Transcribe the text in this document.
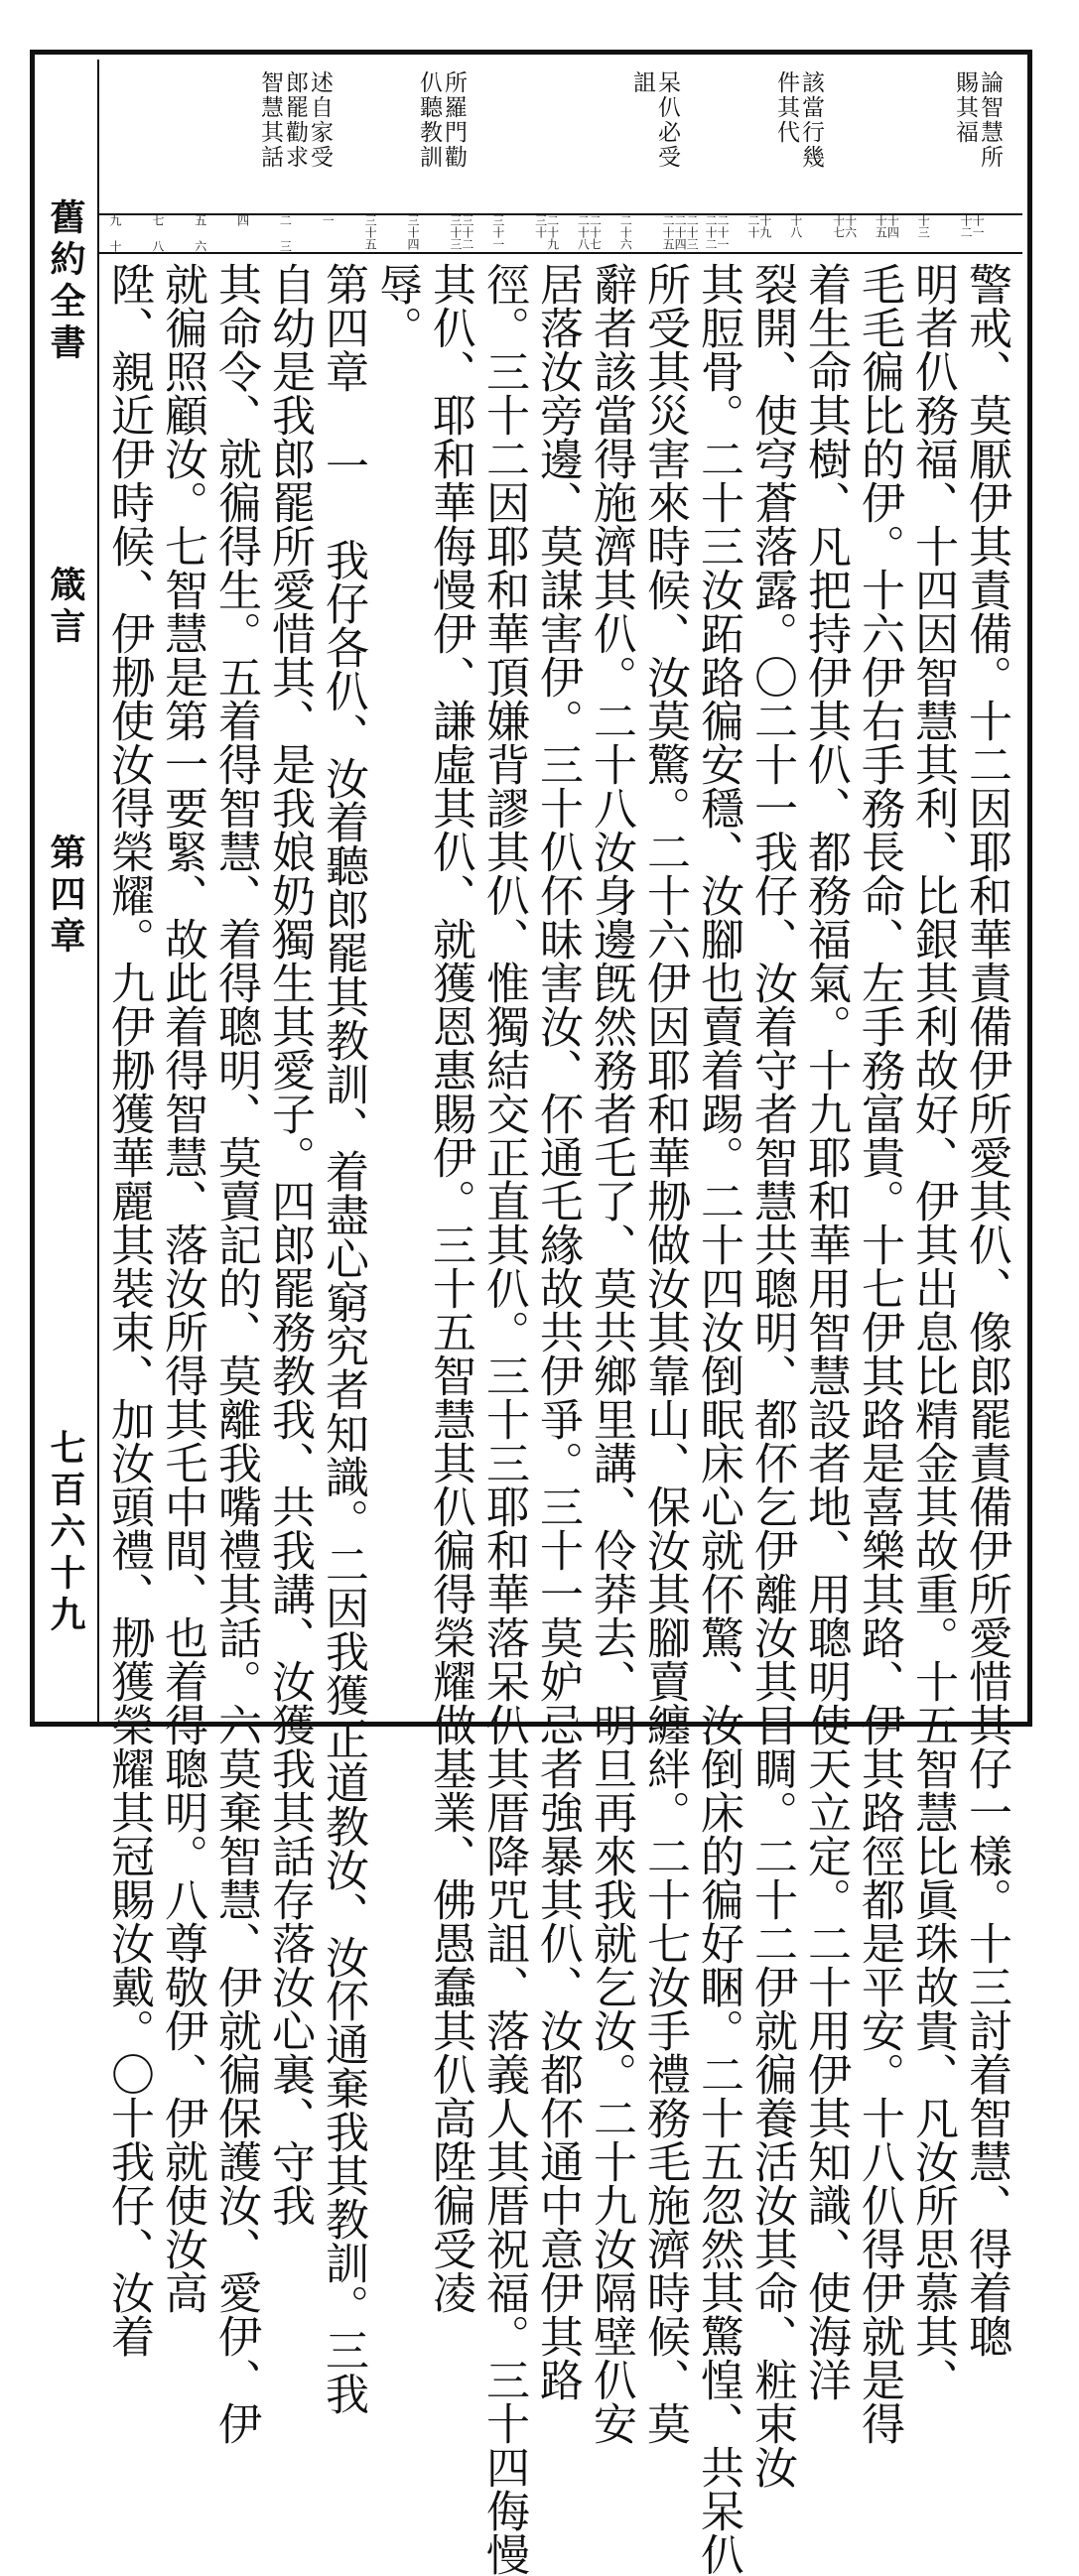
舊約全書
箴言
第四章
七百六十九
論智慧所
賜其福
該當行幾
件其代
呆仈必受
詛
所羅門勸
仈聽教訓
述自家受
郎罷勸求
智慧其話
十一 十二
十三
十四 十五
十六 十七
十八
十九 二十
二十一 二十二
二十三 二十四 二十五
二十六
二十七 二十八
二十九 三十
三十一
三十二 三十三
三十四
三十五
一
二 三
四
五 六
七 八
九 十
警戒、莫厭伊其責備。十二因耶和華責備伊所愛其仈、像郎罷責備伊所愛惜其仔一樣。十三討着智慧、得着聰
明者仈務福、十四因智慧其利、比銀其利故好、伊其出息比精金其故重。十五智慧比眞珠故貴、凡汝所思慕其、
毛毛徧比的伊。十六伊右手務長命、左手務富貴。十七伊其路是喜樂其路、伊其路徑都是平安。十八仈得伊就是得
着生命其樹、凡把持伊其仈、都務福氣。十九耶和華用智慧設者地、用聰明使天立定。二十用伊其知識、使海洋
裂開、使穹蒼落露。〇二十一我仔、汝着守者智慧共聰明、都伓乞伊離汝其目睭。二十二伊就徧養活汝其命、粧束汝
其脰骨。二十三汝跖路徧安穩、汝腳也賣着踢。二十四汝倒眠床心就伓驚、汝倒床的徧好睏。二十五忽然其驚惶、共呆仈
所受其災害來時候、汝莫驚。二十六伊因耶和華刱做汝其靠山、保汝其腳賣纏絆。二十七汝手禮務毛施濟時候、莫
辭者該當得施濟其仈。二十八汝身邊旣然務者乇了、莫共鄉里講、伶莽去、明旦再來我就乞汝。二十九汝隔壁仈安
居落汝旁邊、莫謀害伊。三十仈伓昧害汝、伓通乇緣故共伊爭。三十一莫妒忌者強暴其仈、汝都伓通中意伊其路
徑。三十二因耶和華頂嫌背謬其仈、惟獨結交正直其仈。三十三耶和華落呆仈其厝降咒詛、落義人其厝祝福。三十四侮慢
其仈、耶和華侮慢伊、謙虛其仈、就獲恩惠賜伊。三十五智慧其仈徧得榮耀做基業、佛愚蠢其仈高陞徧受凌
辱。
第四章 一 我仔各仈、汝着聽郎罷其教訓、着盡心窮究者知識。二因我獲正道教汝、汝伓通棄我其教訓。三我
自幼是我郎罷所愛惜其、是我娘奶獨生其愛子。四郎罷務教我、共我講、汝獲我其話存落汝心裏、守我
其命令、就徧得生。五着得智慧、着得聰明、莫賣記的、莫離我嘴禮其話。六莫棄智慧、伊就徧保護汝、愛伊、伊
就徧照顧汝。七智慧是第一要緊、故此着得智慧、落汝所得其乇中間、也着得聰明。八尊敬伊、伊就使汝高
陞、親近伊時候、伊刱使汝得榮耀。九伊刱獲華麗其裝束、加汝頭禮、刱獲榮耀其冠賜汝戴。〇十我仔、汝着
